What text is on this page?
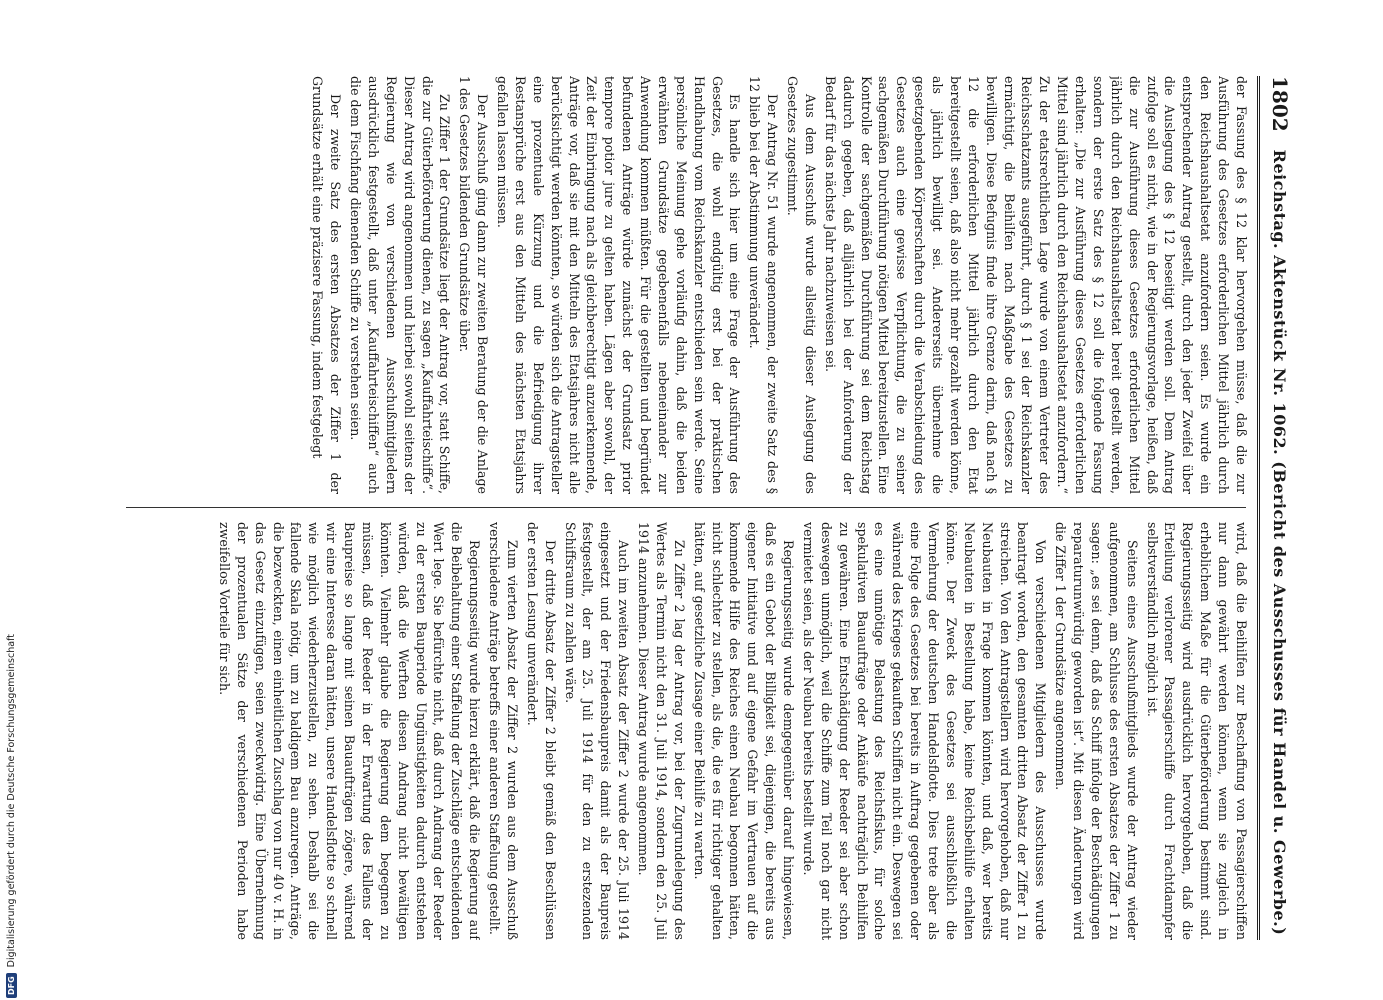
DFG
Digitalisierung gefördert durch die Deutsche Forschungsgemeinschaft
1802
Reichstag. Aktenstück Nr. 1062. (Bericht des Ausschusses für Handel u. Gewerbe.)

der Fassung des § 12 klar hervorgehen müsse, daß die zur Ausführung des Gesetzes erforderlichen Mittel jährlich durch den Reichshaushaltsetat anzufordern seien. Es wurde ein entsprechender Antrag gestellt, durch den jeder Zweifel über die Auslegung des § 12 beseitigt werden soll. Dem Antrag zufolge soll es nicht, wie in der Regierungsvorlage, heißen, daß die zur Ausführung dieses Gesetzes erforderlichen Mittel jährlich durch den Reichshaushaltsetat bereit gestellt werden, sondern der erste Satz des § 12 soll die folgende Fassung erhalten: „Die zur Ausführung dieses Gesetzes erforderlichen Mittel sind jährlich durch den Reichshaushaltsetat anzufordern.“ Zu der etatsrechtlichen Lage wurde von einem Vertreter des Reichsschatzamts ausgeführt, durch § 1 sei der Reichskanzler ermächtigt, die Beihilfen nach Maßgabe des Gesetzes zu bewilligen. Diese Befugnis finde ihre Grenze darin, daß nach § 12 die erforderlichen Mittel jährlich durch den Etat bereitgestellt seien, daß also nicht mehr gezahlt werden könne, als jährlich bewilligt sei. Andererseits übernehme die gesetzgebenden Körperschaften durch die Verabschiedung des Gesetzes auch eine gewisse Verpflichtung, die zu seiner sachgemäßen Durchführung nötigen Mittel bereitzustellen. Eine Kontrolle der sachgemäßen Durchführung sei dem Reichstag dadurch gegeben, daß alljährlich bei der Anforderung der Bedarf für das nächste Jahr nachzuweisen sei.

Aus dem Ausschuß wurde allseitig dieser Auslegung des Gesetzes zugestimmt.

Der Antrag Nr. 51 wurde angenommen, der zweite Satz des § 12 blieb bei der Abstimmung unverändert.

Es handle sich hier um eine Frage der Ausführung des Gesetzes, die wohl endgültig erst bei der praktischen Handhabung vom Reichskanzler entschieden sein werde. Seine persönliche Meinung gehe vorläufig dahin, daß die beiden erwähnten Grundsätze gegebenenfalls nebeneinander zur Anwendung kommen müßten. Für die gestellten und begründet befundenen Anträge würde zunächst der Grundsatz prior tempore potior jure zu gelten haben. Lägen aber sowohl, der Zeit der Einbringung nach als gleichberechtigt anzuerkennende, Anträge vor, daß sie mit den Mitteln des Etatsjahres nicht alle berücksichtigt werden könnten, so würden sich die Antragsteller eine prozentuale Kürzung und die Befriedigung ihrer Restansprüche erst aus den Mitteln des nächsten Etatsjahrs gefallen lassen müssen.

Der Ausschuß ging dann zur zweiten Beratung der die Anlage 1 des Gesetzes bildenden Grundsätze über.

Zu Ziffer 1 der Grundsätze liegt der Antrag vor, statt Schiffe, die zur Güterbeförderung dienen, zu sagen „Kauffahrteischiffe“. Dieser Antrag wird angenommen und hierbei sowohl seitens der Regierung wie von verschiedenen Ausschußmitgliedern ausdrücklich festgestellt, daß unter „Kauffahrteischiffen“ auch die dem Fischfang dienenden Schiffe zu verstehen seien.

Der zweite Satz des ersten Absatzes der Ziffer 1 der Grundsätze erhält eine präzisere Fassung, indem festgelegt

wird, daß die Beihilfen zur Beschaffung von Passagierschiffen nur dann gewährt werden können, wenn sie zugleich in erheblichem Maße für die Güterbeförderung bestimmt sind. Regierungsseitig wird ausdrücklich hervorgehoben, daß die Erteilung verlorener Passagierschiffe durch Frachtdampfer selbstverständlich möglich ist.

Seitens eines Ausschußmitglieds wurde der Antrag wieder aufgenommen, am Schlusse des ersten Absatzes der Ziffer 1 zu sagen: „es sei denn, daß das Schiff infolge der Beschädigungen reparaturunwürdig geworden ist“. Mit diesen Änderungen wird die Ziffer 1 der Grundsätze angenommen.

Von verschiedenen Mitgliedern des Ausschusses wurde beantragt worden, den gesamten dritten Absatz der Ziffer 1 zu streichen. Von den Antragstellern wird hervorgehoben, daß nur Neubauten in Frage kommen könnten, und daß, wer bereits Neubauten in Bestellung habe, keine Reichsbeihilfe erhalten könne. Der Zweck des Gesetzes sei ausschließlich die Vermehrung der deutschen Handelsflotte. Dies trete aber als eine Folge des Gesetzes bei bereits in Auftrag gegebenen oder während des Krieges gekauften Schiffen nicht ein. Deswegen sei es eine unnötige Belastung des Reichsfiskus, für solche spekulativen Bauaufträge oder Ankäufe nachträglich Beihilfen zu gewähren. Eine Entschädigung der Reeder sei aber schon deswegen unmöglich, weil die Schiffe zum Teil noch gar nicht vermietet seien, als der Neubau bereits bestellt wurde.

Regierungsseitig wurde demgegenüber darauf hingewiesen, daß es ein Gebot der Billigkeit sei, diejenigen, die bereits aus eigener Initiative und auf eigene Gefahr im Vertrauen auf die kommende Hilfe des Reiches einen Neubau begonnen hätten, nicht schlechter zu stellen, als die, die es für richtiger gehalten hätten, auf gesetzliche Zusage einer Beihilfe zu warten.

Zu Ziffer 2 lag der Antrag vor, bei der Zugrundelegung des Wertes als Termin nicht den 31. Juli 1914, sondern den 25. Juli 1914 anzunehmen. Dieser Antrag wurde angenommen.

Auch im zweiten Absatz der Ziffer 2 wurde der 25. Juli 1914 eingesetzt und der Friedensbaupreis damit als der Baupreis festgestellt, der am 25. Juli 1914 für den zu erstezenden Schiffsraum zu zahlen wäre.

Der dritte Absatz der Ziffer 2 bleibt gemäß den Beschlüssen der ersten Lesung unverändert.

Zum vierten Absatz der Ziffer 2 wurden aus dem Ausschuß verschiedene Anträge betreffs einer anderen Staffelung gestellt.

Regierungsseitig wurde hierzu erklärt, daß die Regierung auf die Beibehaltung einer Staffelung der Zuschläge entscheidenden Wert lege. Sie befürchte nicht, daß durch Andrang der Reeder zu der ersten Bauperiode Ungünstigkeiten dadurch entstehen würden, daß die Werften diesen Andrang nicht bewältigen könnten. Vielmehr glaube die Regierung dem begegnen zu müssen, daß der Reeder in der Erwartung des Fallens der Baupreise so lange mit seinen Bauaufträgen zögere, während wir eine Interesse daran hätten, unsere Handelsflotte so schnell wie möglich wiederherzustellen, zu sehen. Deshalb sei die fallende Skala nötig, um zu baldigem Bau anzuregen. Anträge, die bezweckten, einen einheitlichen Zuschlag von nur 40 v. H. in das Gesetz einzufügen, seien zweckwidrig. Eine Übernehmung der prozentualen Sätze der verschiedenen Perioden habe zweifellos Vorteile für sich.
